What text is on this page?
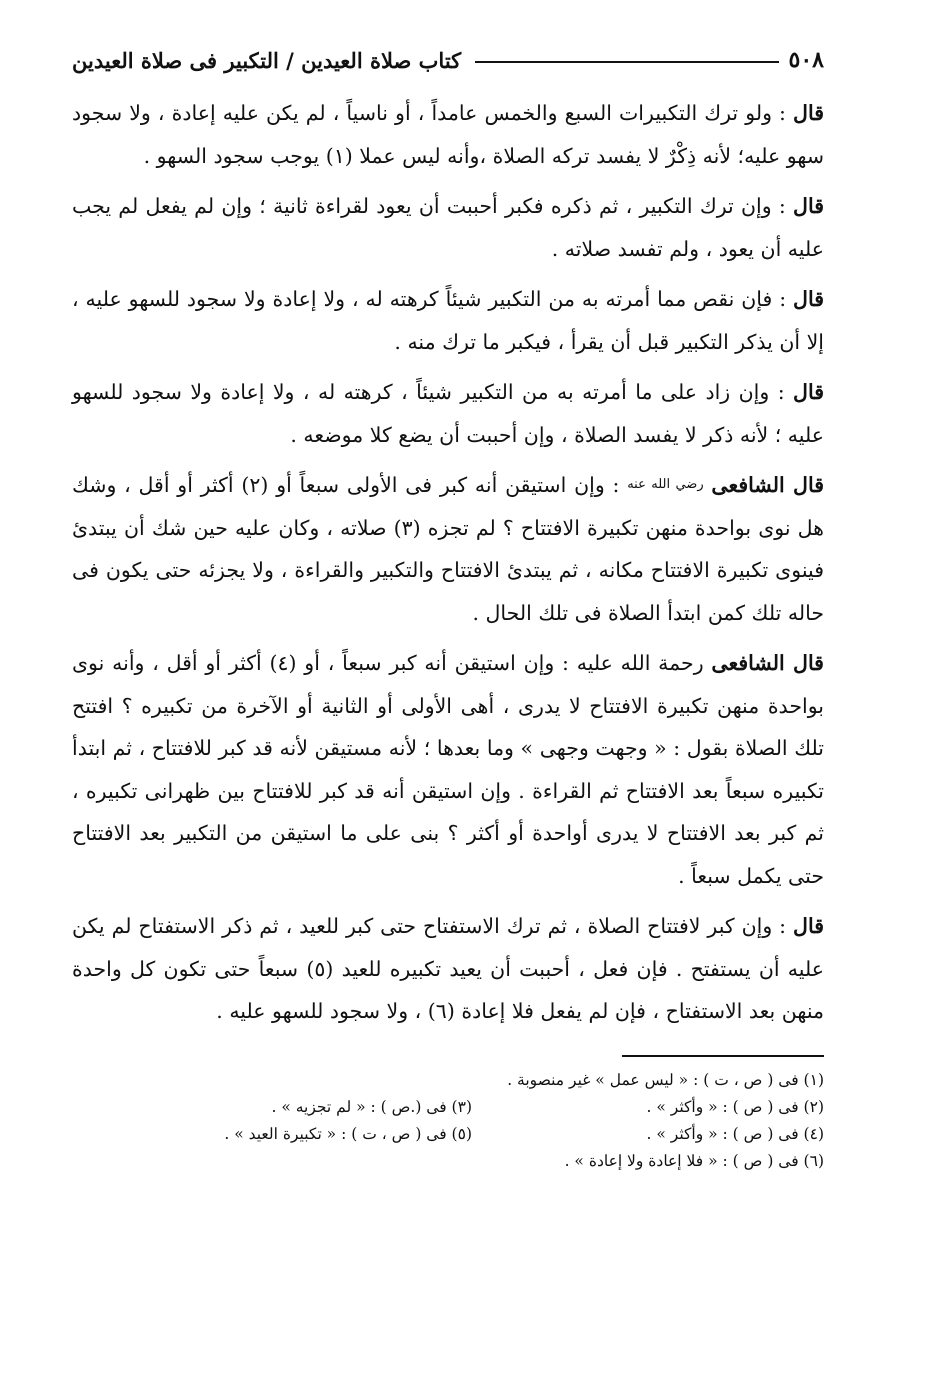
٥٠٨
كتاب صلاة العيدين / التكبير فى صلاة العيدين

قال : ولو ترك التكبيرات السبع والخمس عامداً ، أو ناسياً ، لم يكن عليه إعادة ، ولا سجود سهو عليه؛ لأنه ذِكْرٌ لا يفسد تركه الصلاة ،وأنه ليس عملا (١) يوجب سجود السهو .

قال : وإن ترك التكبير ، ثم ذكره فكبر أحببت أن يعود لقراءة ثانية ؛ وإن لم يفعل لم يجب عليه أن يعود ، ولم تفسد صلاته .

قال : فإن نقص مما أمرته به من التكبير شيئاً كرهته له ، ولا إعادة ولا سجود للسهو عليه ، إلا أن يذكر التكبير قبل أن يقرأ ، فيكبر ما ترك منه .

قال : وإن زاد على ما أمرته به من التكبير شيئاً ، كرهته له ، ولا إعادة ولا سجود للسهو عليه ؛ لأنه ذكر لا يفسد الصلاة ، وإن أحببت أن يضع كلا موضعه .

قال الشافعى رضي الله عنه : وإن استيقن أنه كبر فى الأولى سبعاً أو (٢) أكثر أو أقل ، وشك هل نوى بواحدة منهن تكبيرة الافتتاح ؟ لم تجزه (٣) صلاته ، وكان عليه حين شك أن يبتدئ فينوى تكبيرة الافتتاح مكانه ، ثم يبتدئ الافتتاح والتكبير والقراءة ، ولا يجزئه حتى يكون فى حاله تلك كمن ابتدأ الصلاة فى تلك الحال .

قال الشافعى رحمة الله عليه : وإن استيقن أنه كبر سبعاً ، أو (٤) أكثر أو أقل ، وأنه نوى بواحدة منهن تكبيرة الافتتاح لا يدرى ، أهى الأولى أو الثانية أو الآخرة من تكبيره ؟ افتتح تلك الصلاة بقول : « وجهت وجهى » وما بعدها ؛ لأنه مستيقن لأنه قد كبر للافتتاح ، ثم ابتدأ تكبيره سبعاً بعد الافتتاح ثم القراءة . وإن استيقن أنه قد كبر للافتتاح بين ظهرانى تكبيره ، ثم كبر بعد الافتتاح لا يدرى أواحدة أو أكثر ؟ بنى على ما استيقن من التكبير بعد الافتتاح حتى يكمل سبعاً .

قال : وإن كبر لافتتاح الصلاة ، ثم ترك الاستفتاح حتى كبر للعيد ، ثم ذكر الاستفتاح لم يكن عليه أن يستفتح . فإن فعل ، أحببت أن يعيد تكبيره للعيد (٥) سبعاً حتى تكون كل واحدة منهن بعد الاستفتاح ، فإن لم يفعل فلا إعادة (٦) ، ولا سجود للسهو عليه .

(١) فى ( ص ، ت ) : « ليس عمل » غير منصوبة .
(٢) فى ( ص ) : « وأكثر » .
(٣) فى (.ص ) : « لم تجزيه » .
(٤) فى ( ص ) : « وأكثر » .
(٥) فى ( ص ، ت ) : « تكبيرة العيد » .
(٦) فى ( ص ) : « فلا إعادة ولا إعادة » .
